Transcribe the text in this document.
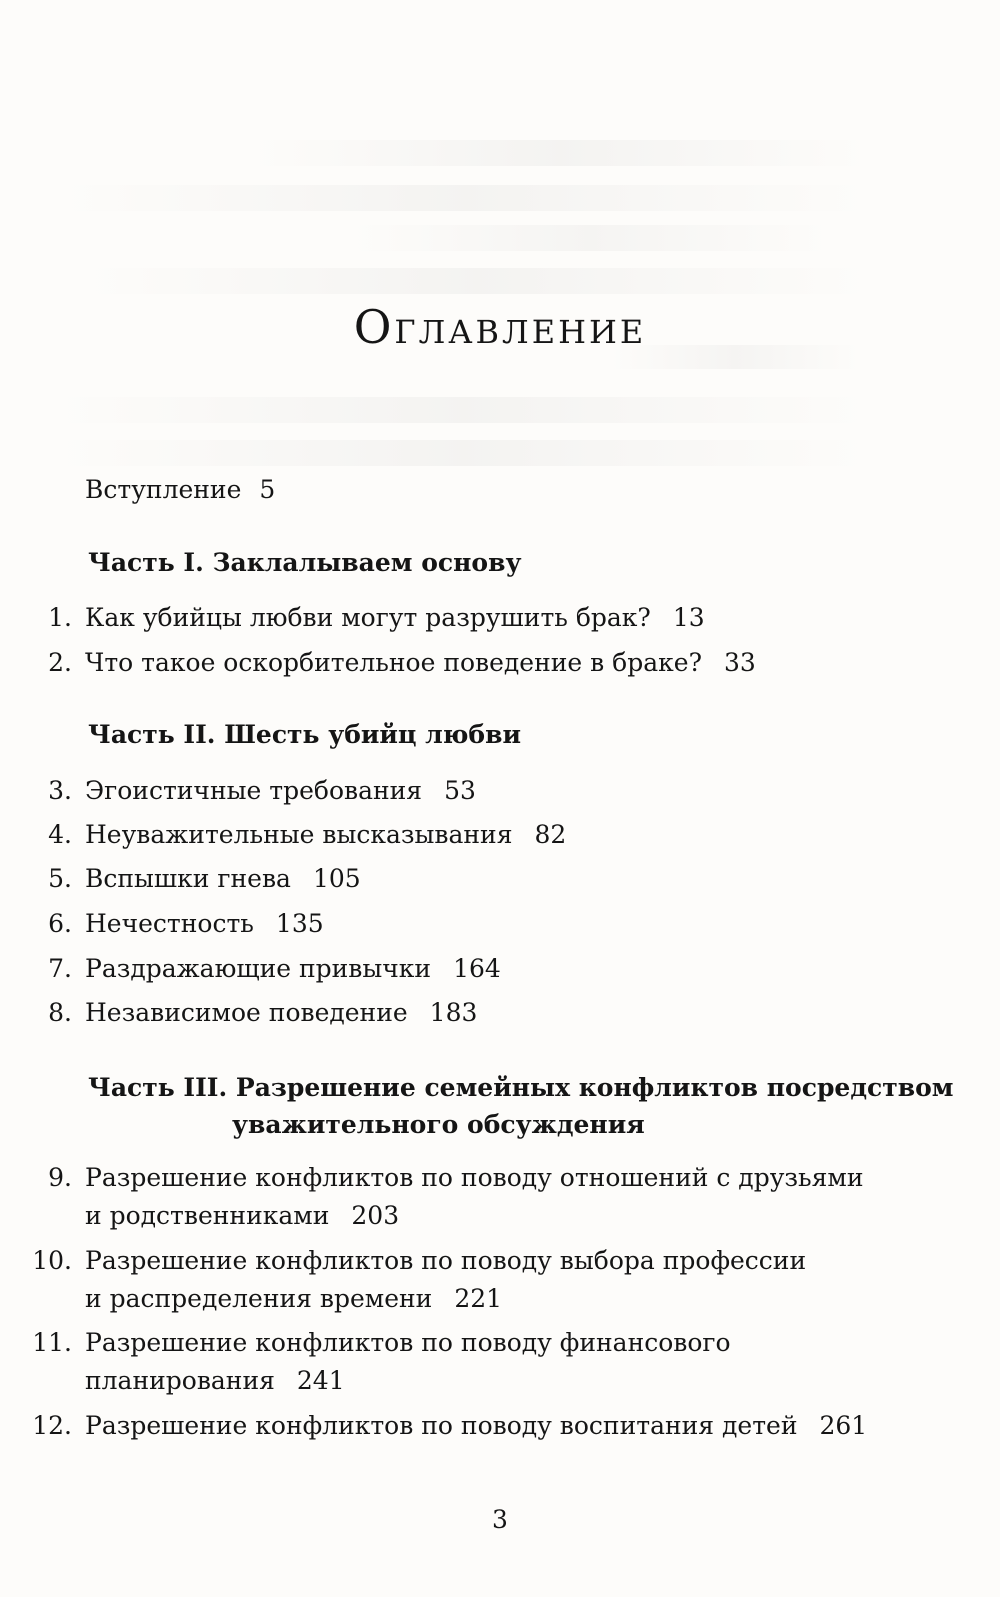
Оглавление
Вступление 5
Часть I. Заклалываем основу
1. Как убийцы любви могут разрушить брак? 13
2. Что такое оскорбительное поведение в браке? 33
Часть II. Шесть убийц любви
3. Эгоистичные требования 53
4. Неуважительные высказывания 82
5. Вспышки гнева 105
6. Нечестность 135
7. Раздражающие привычки 164
8. Независимое поведение 183
Часть III. Разрешение семейных конфликтов посредством
уважительного обсуждения
9. Разрешение конфликтов по поводу отношений с друзьями
и родственниками 203
10. Разрешение конфликтов по поводу выбора профессии
и распределения времени 221
11. Разрешение конфликтов по поводу финансового
планирования 241
12. Разрешение конфликтов по поводу воспитания детей 261
3
